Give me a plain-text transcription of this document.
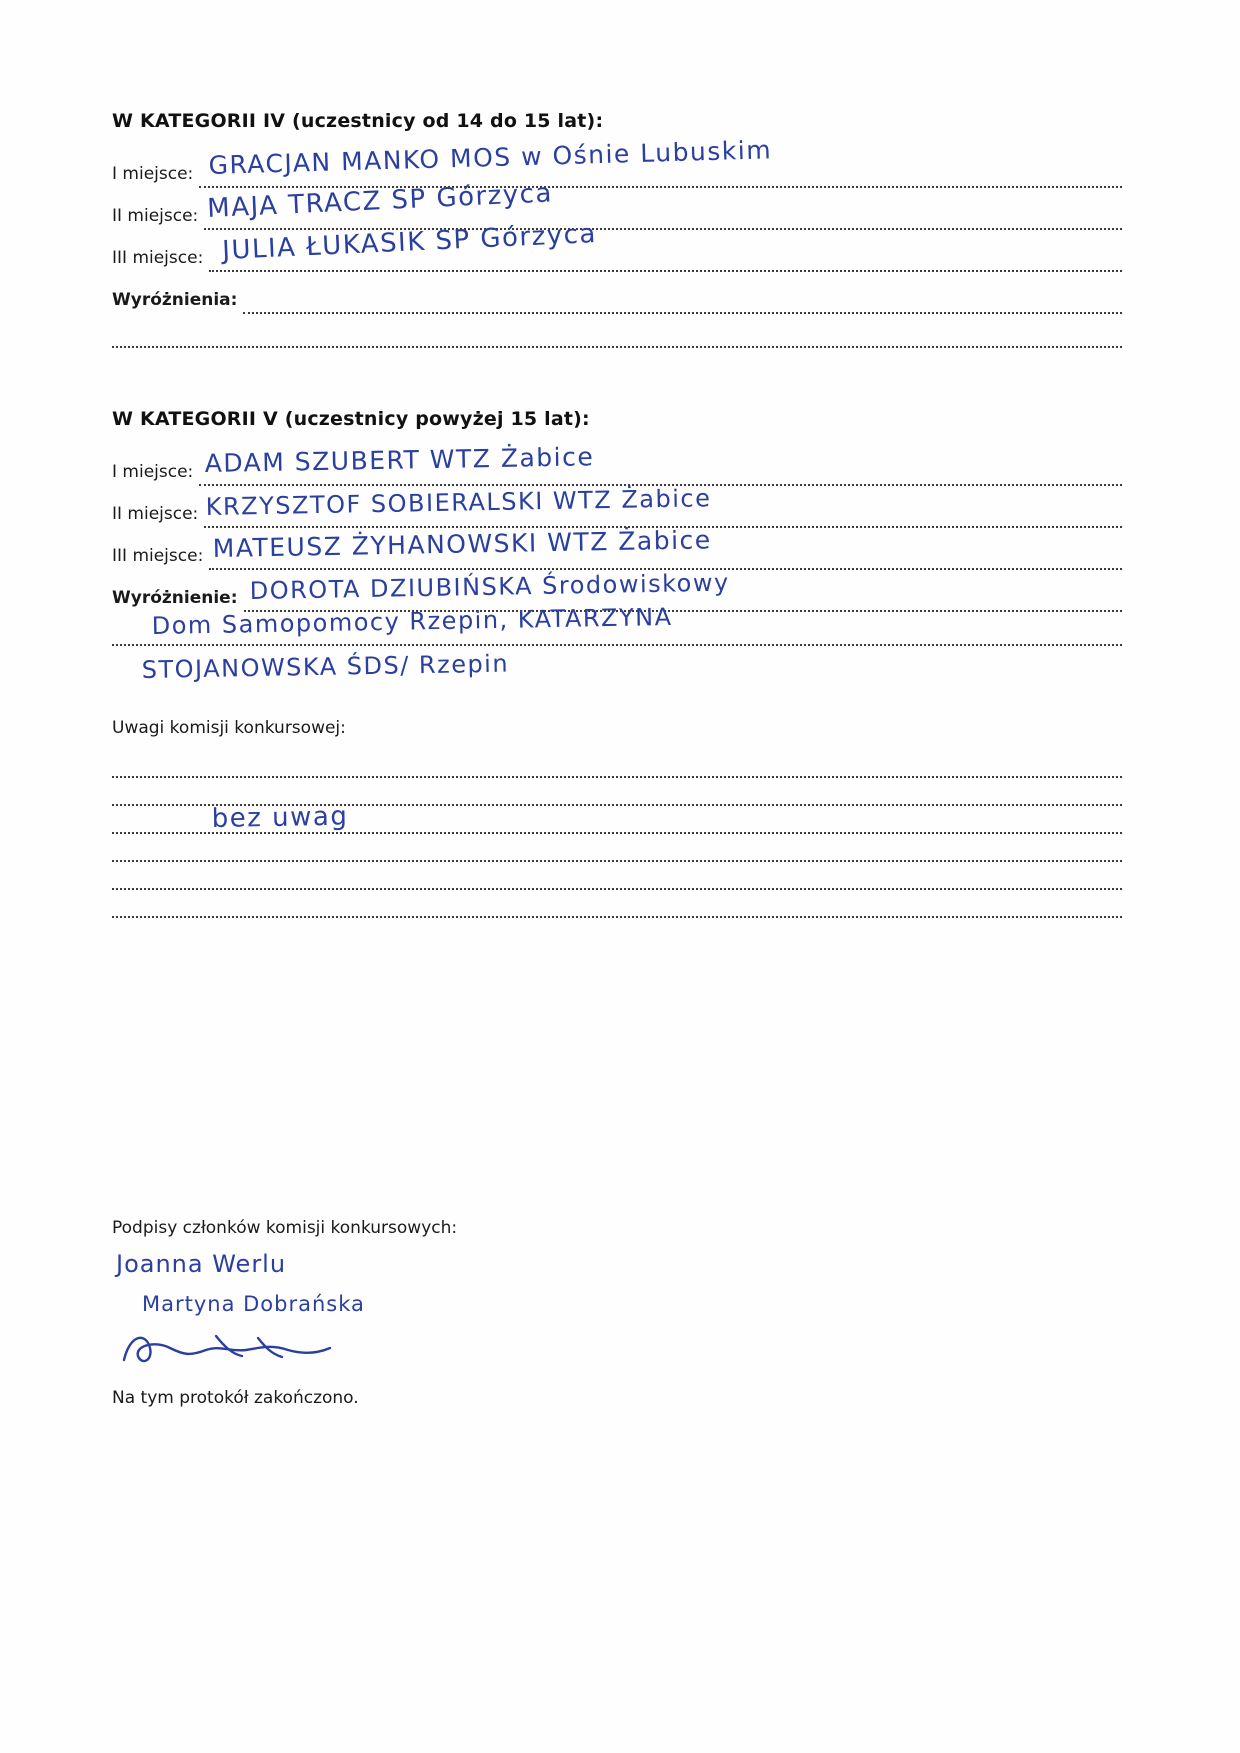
W KATEGORII IV (uczestnicy od 14 do 15 lat):
I miejsce: GRACJAN MANKO MOS w Ośnie Lubuskim
II miejsce: MAJA TRACZ SP Górzyca
III miejsce: JULIA ŁUKASIK SP Górzyca
Wyróżnienia:
W KATEGORII V (uczestnicy powyżej 15 lat):
I miejsce: ADAM SZUBERT WTZ Żabice
II miejsce: KRZYSZTOF SOBIERALSKI WTZ Żabice
III miejsce: MATEUSZ ŻYHANOWSKI WTZ Żabice
Wyróżnienie: DOROTA DZIUBIŃSKA Środowiskowy
Dom Samopomocy Rzepin, KATARZYNA
STOJANOWSKA ŚDS/ Rzepin

Uwagi komisji konkursowej:

bez uwag

Podpisy członków komisji konkursowych:

Joanna Werlu
Martyna Dobrańska

Na tym protokół zakończono.
